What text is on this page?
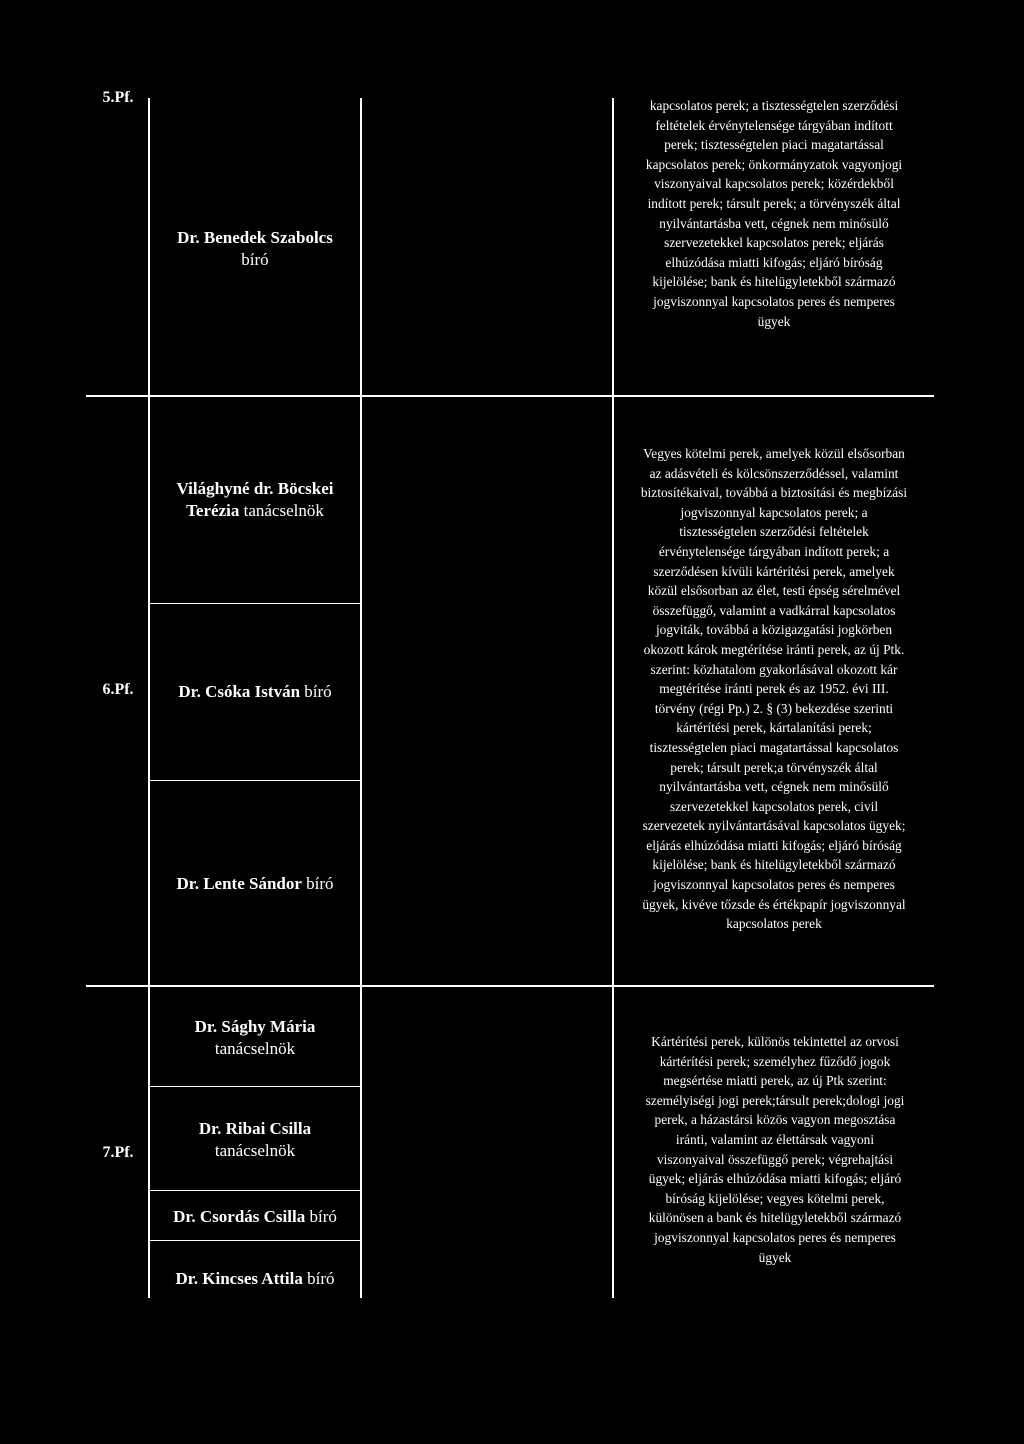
5.Pf.
Dr. Benedek Szabolcs
bíró

kapcsolatos perek; a tisztességtelen szerződési

feltételek érvénytelensége tárgyában indított

perek; tisztességtelen piaci magatartással

kapcsolatos perek; önkormányzatok vagyonjogi

viszonyaival kapcsolatos perek; közérdekből

indított perek; társult perek; a törvényszék által

nyilvántartásba vett, cégnek nem minősülő

szervezetekkel kapcsolatos perek; eljárás

elhúzódása miatti kifogás; eljáró bíróság

kijelölése; bank és hitelügyletekből származó

jogviszonnyal kapcsolatos peres és nemperes

ügyek

6.Pf.
Világhyné dr. Böcskei Terézia tanácselnök
Dr. Csóka István bíró
Dr. Lente Sándor bíró

Vegyes kötelmi perek, amelyek közül elsősorban

az adásvételi és kölcsönszerződéssel, valamint

biztosítékaival, továbbá a biztosítási és megbízási

jogviszonnyal kapcsolatos perek; a

tisztességtelen szerződési feltételek

érvénytelensége tárgyában indított perek; a

szerződésen kívüli kártérítési perek, amelyek

közül elsősorban az élet, testi épség sérelmével

összefüggő, valamint a vadkárral kapcsolatos

jogviták, továbbá a közigazgatási jogkörben

okozott károk megtérítése iránti perek, az új Ptk.

szerint: közhatalom gyakorlásával okozott kár

megtérítése iránti perek és az 1952. évi III.

törvény (régi Pp.) 2. § (3) bekezdése szerinti

kártérítési perek, kártalanítási perek;

tisztességtelen piaci magatartással kapcsolatos

perek; társult perek;a törvényszék által

nyilvántartásba vett, cégnek nem minősülő

szervezetekkel kapcsolatos perek, civil

szervezetek nyilvántartásával kapcsolatos ügyek;

eljárás elhúzódása miatti kifogás; eljáró bíróság

kijelölése; bank és hitelügyletekből származó

jogviszonnyal kapcsolatos peres és nemperes

ügyek, kivéve tőzsde és értékpapír jogviszonnyal

kapcsolatos perek

7.Pf.
Dr. Sághy Mária
tanácselnök
Dr. Ribai Csilla
tanácselnök
Dr. Csordás Csilla bíró
Dr. Kincses Attila bíró

Kártérítési perek, különös tekintettel az orvosi

kártérítési perek; személyhez fűződő jogok

megsértése miatti perek, az új Ptk szerint:

személyiségi jogi perek;társult perek;dologi jogi

perek, a házastársi közös vagyon megosztása

iránti, valamint az élettársak vagyoni

viszonyaival összefüggő perek; végrehajtási

ügyek; eljárás elhúzódása miatti kifogás; eljáró

bíróság kijelölése; vegyes kötelmi perek,

különösen a bank és hitelügyletekből származó

jogviszonnyal kapcsolatos peres és nemperes

ügyek
